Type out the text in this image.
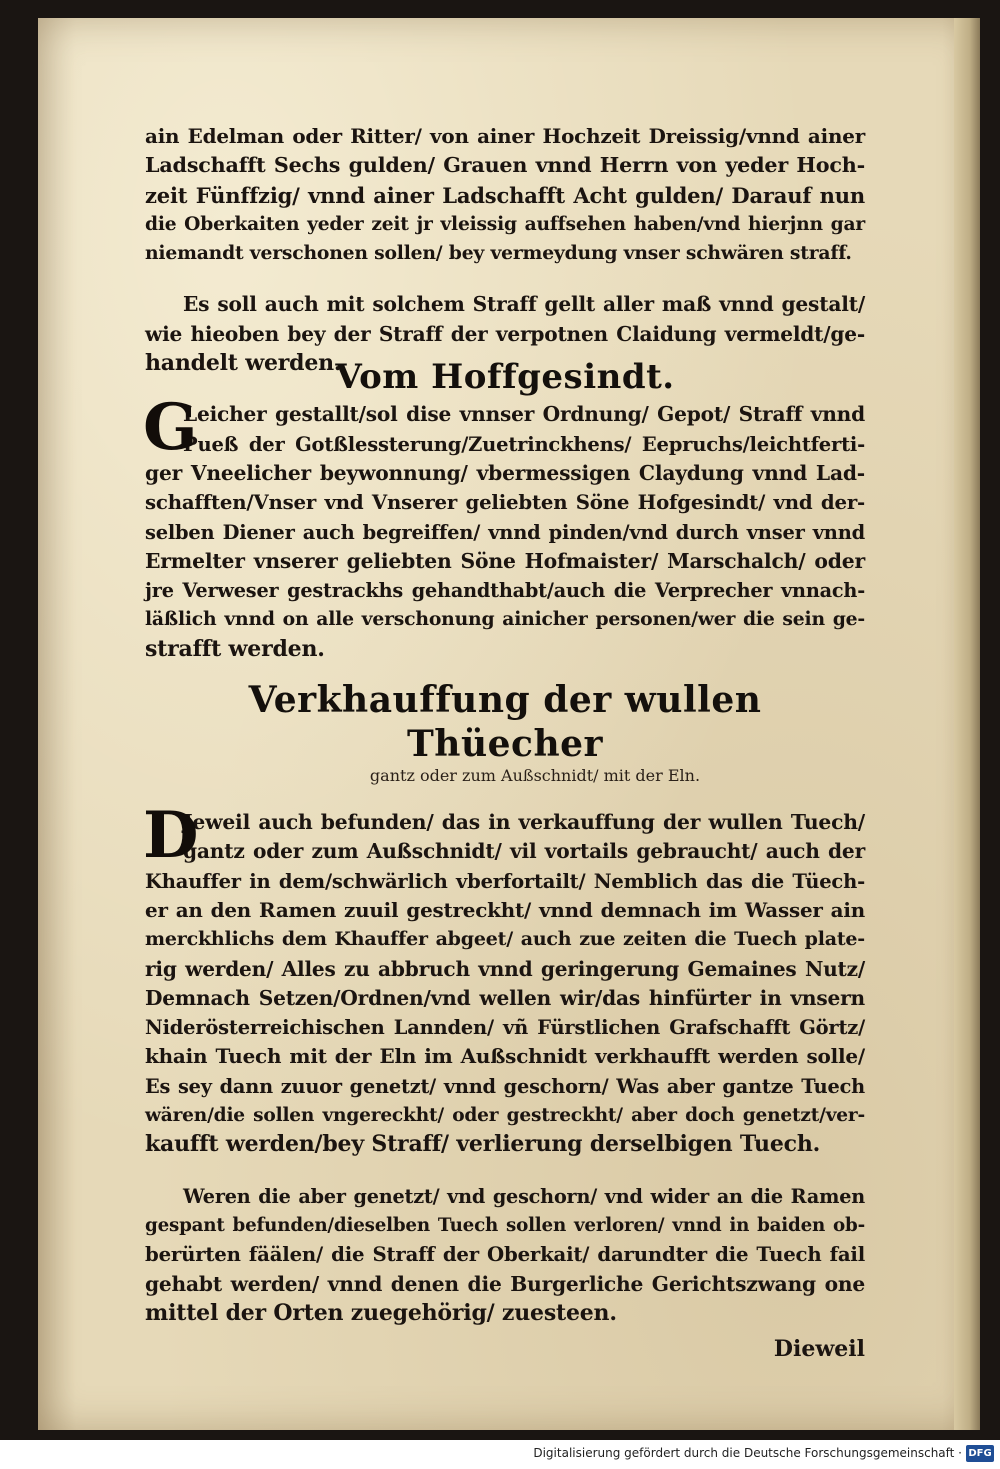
ain Edelman oder Ritter/ von ainer Hochzeit Dreissig/vnnd ainer
Ladschafft Sechs gulden/ Grauen vnnd Herrn von yeder Hoch-
zeit Fünffzig/ vnnd ainer Ladschafft Acht gulden/ Darauf nun
die Oberkaiten yeder zeit jr vleissig auffsehen haben/vnd hierjnn gar
niemandt verschonen sollen/ bey vermeydung vnser schwären straff.
Es soll auch mit solchem Straff gellt aller maß vnnd gestalt/
wie hieoben bey der Straff der verpotnen Claidung vermeldt/ge-
handelt werden.
Vom Hoffgesindt.
G
Leicher gestallt/sol dise vnnser Ordnung/ Gepot/ Straff vnnd
Pueß der Gotßlessterung/Zuetrinckhens/ Eepruchs/leichtferti-
ger Vneelicher beywonnung/ vbermessigen Claydung vnnd Lad-
schafften/Vnser vnd Vnserer geliebten Söne Hofgesindt/ vnd der-
selben Diener auch begreiffen/ vnnd pinden/vnd durch vnser vnnd
Ermelter vnserer geliebten Söne Hofmaister/ Marschalch/ oder
jre Verweser gestrackhs gehandthabt/auch die Verprecher vnnach-
läßlich vnnd on alle verschonung ainicher personen/wer die sein ge-
strafft werden.
Verkhauffung der wullen Thüecher
gantz oder zum Außschnidt/ mit der Eln.
D
Jeweil auch befunden/ das in verkauffung der wullen Tuech/
gantz oder zum Außschnidt/ vil vortails gebraucht/ auch der
Khauffer in dem/schwärlich vberfortailt/ Nemblich das die Tüech-
er an den Ramen zuuil gestreckht/ vnnd demnach im Wasser ain
merckhlichs dem Khauffer abgeet/ auch zue zeiten die Tuech plate-
rig werden/ Alles zu abbruch vnnd geringerung Gemaines Nutz/
Demnach Setzen/Ordnen/vnd wellen wir/das hinfürter in vnsern
Niderösterreichischen Lannden/ vñ Fürstlichen Grafschafft Görtz/
khain Tuech mit der Eln im Außschnidt verkhaufft werden solle/
Es sey dann zuuor genetzt/ vnnd geschorn/ Was aber gantze Tuech
wären/die sollen vngereckht/ oder gestreckht/ aber doch genetzt/ver-
kaufft werden/bey Straff/ verlierung derselbigen Tuech.
Weren die aber genetzt/ vnd geschorn/ vnd wider an die Ramen
gespant befunden/dieselben Tuech sollen verloren/ vnnd in baiden ob-
berürten fäälen/ die Straff der Oberkait/ darundter die Tuech fail
gehabt werden/ vnnd denen die Burgerliche Gerichtszwang one
mittel der Orten zuegehörig/ zuesteen.
Dieweil
Digitalisierung gefördert durch die Deutsche Forschungsgemeinschaft · DFG
